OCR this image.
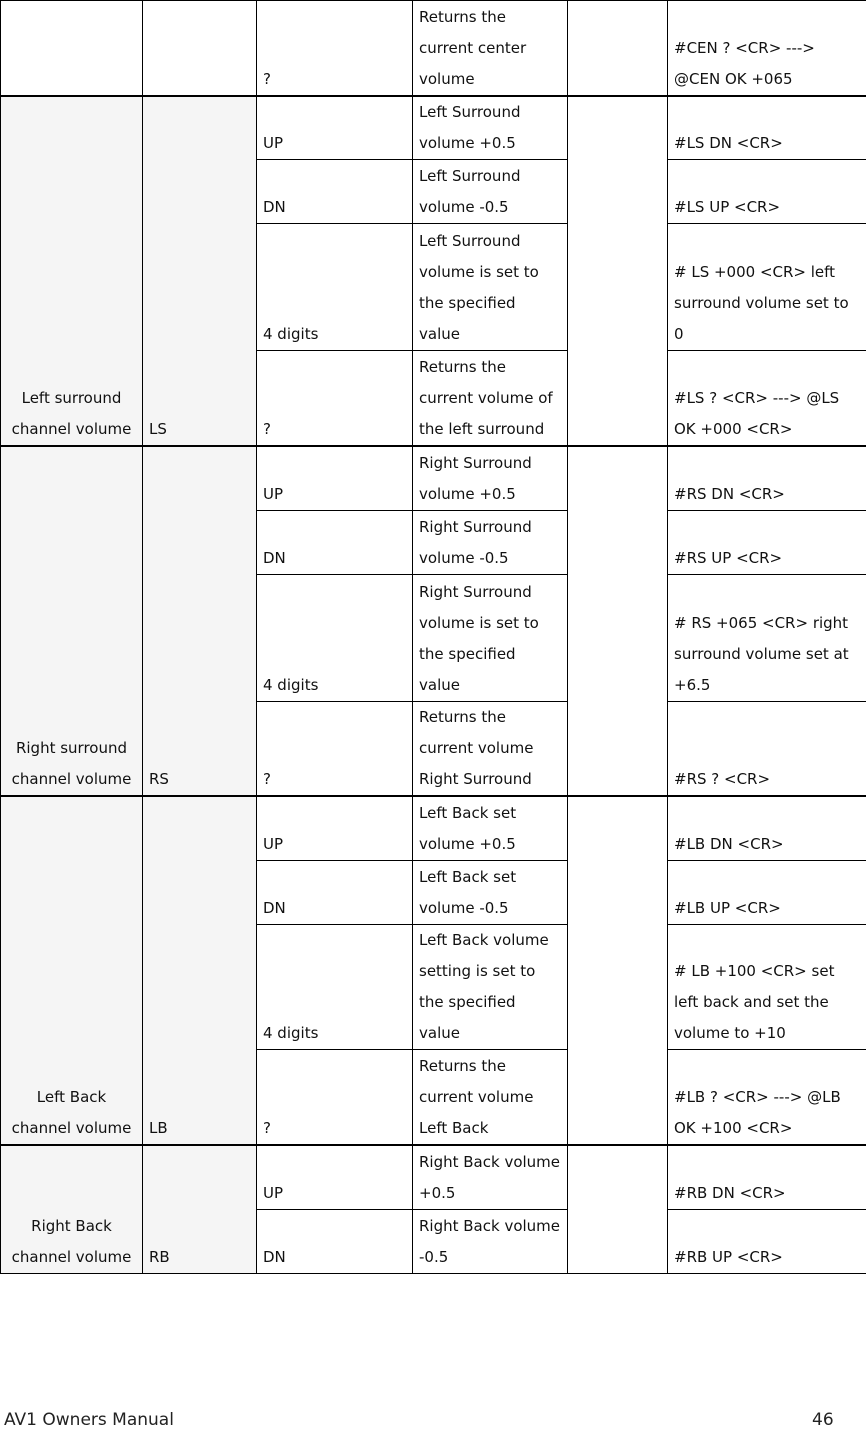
		?	Returns the current center volume		#CEN ? <CR> ---> @CEN OK +065
Left surround channel volume	LS	UP	Left Surround volume +0.5		#LS DN <CR>
		DN	Left Surround volume -0.5		#LS UP <CR>
		4 digits	Left Surround volume is set to the specified value		# LS +000 <CR> left surround volume set to 0
		?	Returns the current volume of the left surround		#LS ? <CR> ---> @LS OK +000 <CR>
Right surround channel volume	RS	UP	Right Surround volume +0.5		#RS DN <CR>
		DN	Right Surround volume -0.5		#RS UP <CR>
		4 digits	Right Surround volume is set to the specified value		# RS +065 <CR> right surround volume set at +6.5
		?	Returns the current volume Right Surround		#RS ? <CR>
Left Back channel volume	LB	UP	Left Back set volume +0.5		#LB DN <CR>
		DN	Left Back set volume -0.5		#LB UP <CR>
		4 digits	Left Back volume setting is set to the specified value		# LB +100 <CR> set left back and set the volume to +10
		?	Returns the current volume Left Back		#LB ? <CR> ---> @LB OK +100 <CR>
Right Back channel volume	RB	UP	Right Back volume +0.5		#RB DN <CR>
		DN	Right Back volume -0.5		#RB UP <CR>
AV1 Owners Manual	46
